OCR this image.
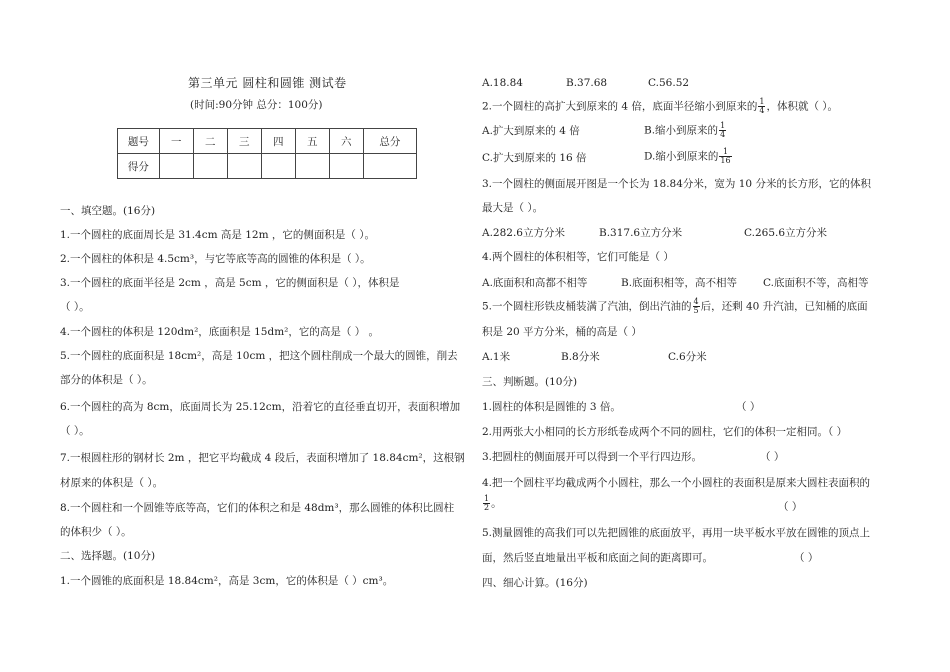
第三单元 圆柱和圆锥 测试卷
(时间:90分钟 总分：100分)
题号	一	二	三	四	五	六	总分
得分							
一、填空题。(16分)
1.一个圆柱的底面周长是 31.4cm 高是 12m ，它的侧面积是（ ）。
2.一个圆柱的体积是 4.5cm³，与它等底等高的圆锥的体积是（ ）。
3.一个圆柱的底面半径是 2cm ，高是 5cm ，它的侧面积是（ ），体积是
（ ）。
4.一个圆柱的体积是 120dm²，底面积是 15dm²，它的高是（ ） 。
5.一个圆柱的底面积是 18cm²，高是 10cm ，把这个圆柱削成一个最大的圆锥，削去
部分的体积是（ ）。
6.一个圆柱的高为 8cm，底面周长为 25.12cm，沿着它的直径垂直切开，表面积增加
（ ）。
7.一根圆柱形的钢材长 2m ，把它平均截成 4 段后，表面积增加了 18.84cm²，这根钢
材原来的体积是（ ）。
8.一个圆柱和一个圆锥等底等高，它们的体积之和是 48dm³，那么圆锥的体积比圆柱
的体积少（ ）。
二、选择题。(10分)
1.一个圆锥的底面积是 18.84cm²，高是 3cm，它的体积是（ ）cm³。
A.18.84	B.37.68	C.56.52
2.一个圆柱的高扩大到原来的 4 倍，底面半径缩小到原来的 $\frac{1}{4}$ ，体积就（ ）。
A.扩大到原来的 4 倍	B.缩小到原来的 $\frac{1}{4}$
C.扩大到原来的 16 倍	D.缩小到原来的 $\frac{1}{16}$
3.一个圆柱的侧面展开图是一个长为 18.84分米，宽为 10 分米的长方形，它的体积
最大是（ ）。
A.282.6立方分米	B.317.6立方分米	C.265.6立方分米
4.两个圆柱的体积相等，它们可能是（ ）
A.底面积和高都不相等	B.底面积相等，高不相等 C.底面积不等，高相等
5.一个圆柱形铁皮桶装满了汽油，倒出汽油的 $\frac{4}{5}$ 后，还剩 40 升汽油，已知桶的底面
积是 20 平方分米，桶的高是（ ）
A.1米	B.8分米	C.6分米
三、判断题。(10分)
1.圆柱的体积是圆锥的 3 倍。	（ ）
2.用两张大小相同的长方形纸卷成两个不同的圆柱，它们的体积一定相同。（ ）
3.把圆柱的侧面展开可以得到一个平行四边形。	（ ）
4.把一个圆柱平均截成两个小圆柱，那么一个小圆柱的表面积是原来大圆柱表面积的
$\frac{1}{2}$ 。	（ ）
5.测量圆锥的高我们可以先把圆锥的底面放平，再用一块平板水平放在圆锥的顶点上
面，然后竖直地量出平板和底面之间的距离即可。	（ ）
四、细心计算。(16分)
